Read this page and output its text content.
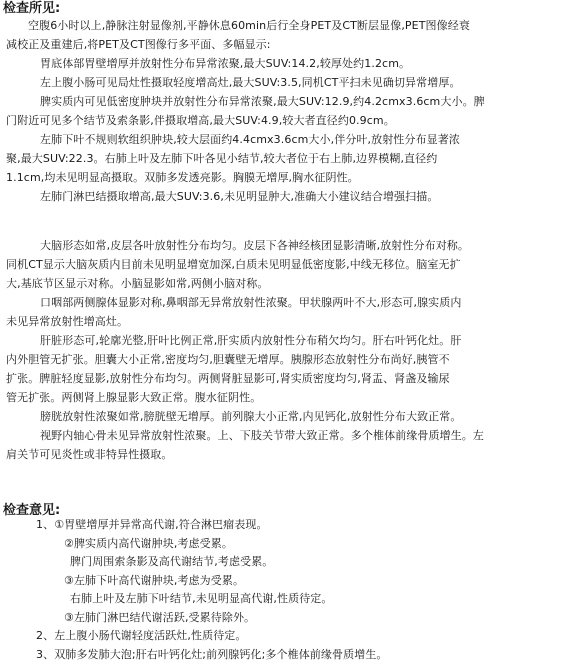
检查所见:
空腹6小时以上,静脉注射显像剂,平静休息60min后行全身PET及CT断层显像,PET图像经衰
减校正及重建后,将PET及CT图像行多平面、多幅显示:
胃底体部胃壁增厚并放射性分布异常浓聚,最大SUV:14.2,较厚处约1.2cm。
左上腹小肠可见局灶性摄取轻度增高灶,最大SUV:3.5,同机CT平扫未见确切异常增厚。
脾实质内可见低密度肿块并放射性分布异常浓聚,最大SUV:12.9,约4.2cmx3.6cm大小。脾
门附近可见多个结节及索条影,伴摄取增高,最大SUV:4.9,较大者直径约0.9cm。
左肺下叶不规则软组织肿块,较大层面约4.4cmx3.6cm大小,伴分叶,放射性分布显著浓
聚,最大SUV:22.3。右肺上叶及左肺下叶各见小结节,较大者位于右上肺,边界模糊,直径约
1.1cm,均未见明显高摄取。双肺多发透亮影。胸膜无增厚,胸水征阴性。
左肺门淋巴结摄取增高,最大SUV:3.6,未见明显肿大,准确大小建议结合增强扫描。
大脑形态如常,皮层各叶放射性分布均匀。皮层下各神经核团显影清晰,放射性分布对称。
同机CT显示大脑灰质内目前未见明显增宽加深,白质未见明显低密度影,中线无移位。脑室无扩
大,基底节区显示对称。小脑显影如常,两侧小脑对称。
口咽部两侧腺体显影对称,鼻咽部无异常放射性浓聚。甲状腺两叶不大,形态可,腺实质内
未见异常放射性增高灶。
肝脏形态可,轮廓光整,肝叶比例正常,肝实质内放射性分布稍欠均匀。肝右叶钙化灶。肝
内外胆管无扩张。胆囊大小正常,密度均匀,胆囊壁无增厚。胰腺形态放射性分布尚好,胰管不
扩张。脾脏轻度显影,放射性分布均匀。两侧肾脏显影可,肾实质密度均匀,肾盂、肾盏及输尿
管无扩张。两侧肾上腺显影大致正常。腹水征阴性。
膀胱放射性浓聚如常,膀胱壁无增厚。前列腺大小正常,内见钙化,放射性分布大致正常。
视野内轴心骨未见异常放射性浓聚。上、下肢关节带大致正常。多个椎体前缘骨质增生。左
肩关节可见炎性或非特异性摄取。
检查意见:
1、①胃壁增厚并异常高代谢,符合淋巴瘤表现。
②脾实质内高代谢肿块,考虑受累。
脾门周围索条影及高代谢结节,考虑受累。
③左肺下叶高代谢肿块,考虑为受累。
右肺上叶及左肺下叶结节,未见明显高代谢,性质待定。
③左肺门淋巴结代谢活跃,受累待除外。
2、左上腹小肠代谢轻度活跃灶,性质待定。
3、双肺多发肺大泡;肝右叶钙化灶;前列腺钙化;多个椎体前缘骨质增生。
